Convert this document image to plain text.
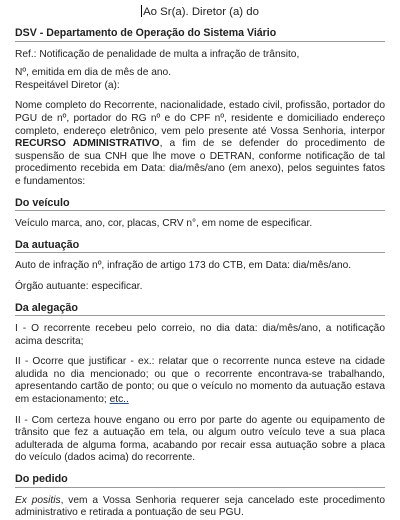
Ao Sr(a). Diretor (a) do
DSV - Departamento de Operação do Sistema Viário

Ref.: Notificação de penalidade de multa a infração de trânsito,

Nº, emitida em dia de mês de ano.

Respeitável Diretor (a):

Nome completo do Recorrente, nacionalidade, estado civil, profissão, portador do PGU de nº, portador do RG nº e do CPF nº, residente e domiciliado endereço completo, endereço eletrônico, vem pelo presente até Vossa Senhoria, interpor RECURSO ADMINISTRATIVO, a fim de se defender do procedimento de suspensão de sua CNH que lhe move o DETRAN, conforme notificação de tal procedimento recebida em Data: dia/mês/ano (em anexo), pelos seguintes fatos e fundamentos:

Do veículo

Veículo marca, ano, cor, placas, CRV n°, em nome de especificar.

Da autuação

Auto de infração nº, infração de artigo 173 do CTB, em Data: dia/mês/ano.

Órgão autuante: especificar.

Da alegação

I - O recorrente recebeu pelo correio, no dia data: dia/mês/ano, a notificação acima descrita;

II - Ocorre que justificar - ex.: relatar que o recorrente nunca esteve na cidade aludida no dia mencionado; ou que o recorrente encontrava-se trabalhando, apresentando cartão de ponto; ou que o veículo no momento da autuação estava em estacionamento; etc..

II - Com certeza houve engano ou erro por parte do agente ou equipamento de trânsito que fez a autuação em tela, ou algum outro veículo teve a sua placa adulterada de alguma forma, acabando por recair essa autuação sobre a placa do veículo (dados acima) do recorrente.

Do pedido

Ex positis, vem a Vossa Senhoria requerer seja cancelado este procedimento administrativo e retirada a pontuação de seu PGU.
